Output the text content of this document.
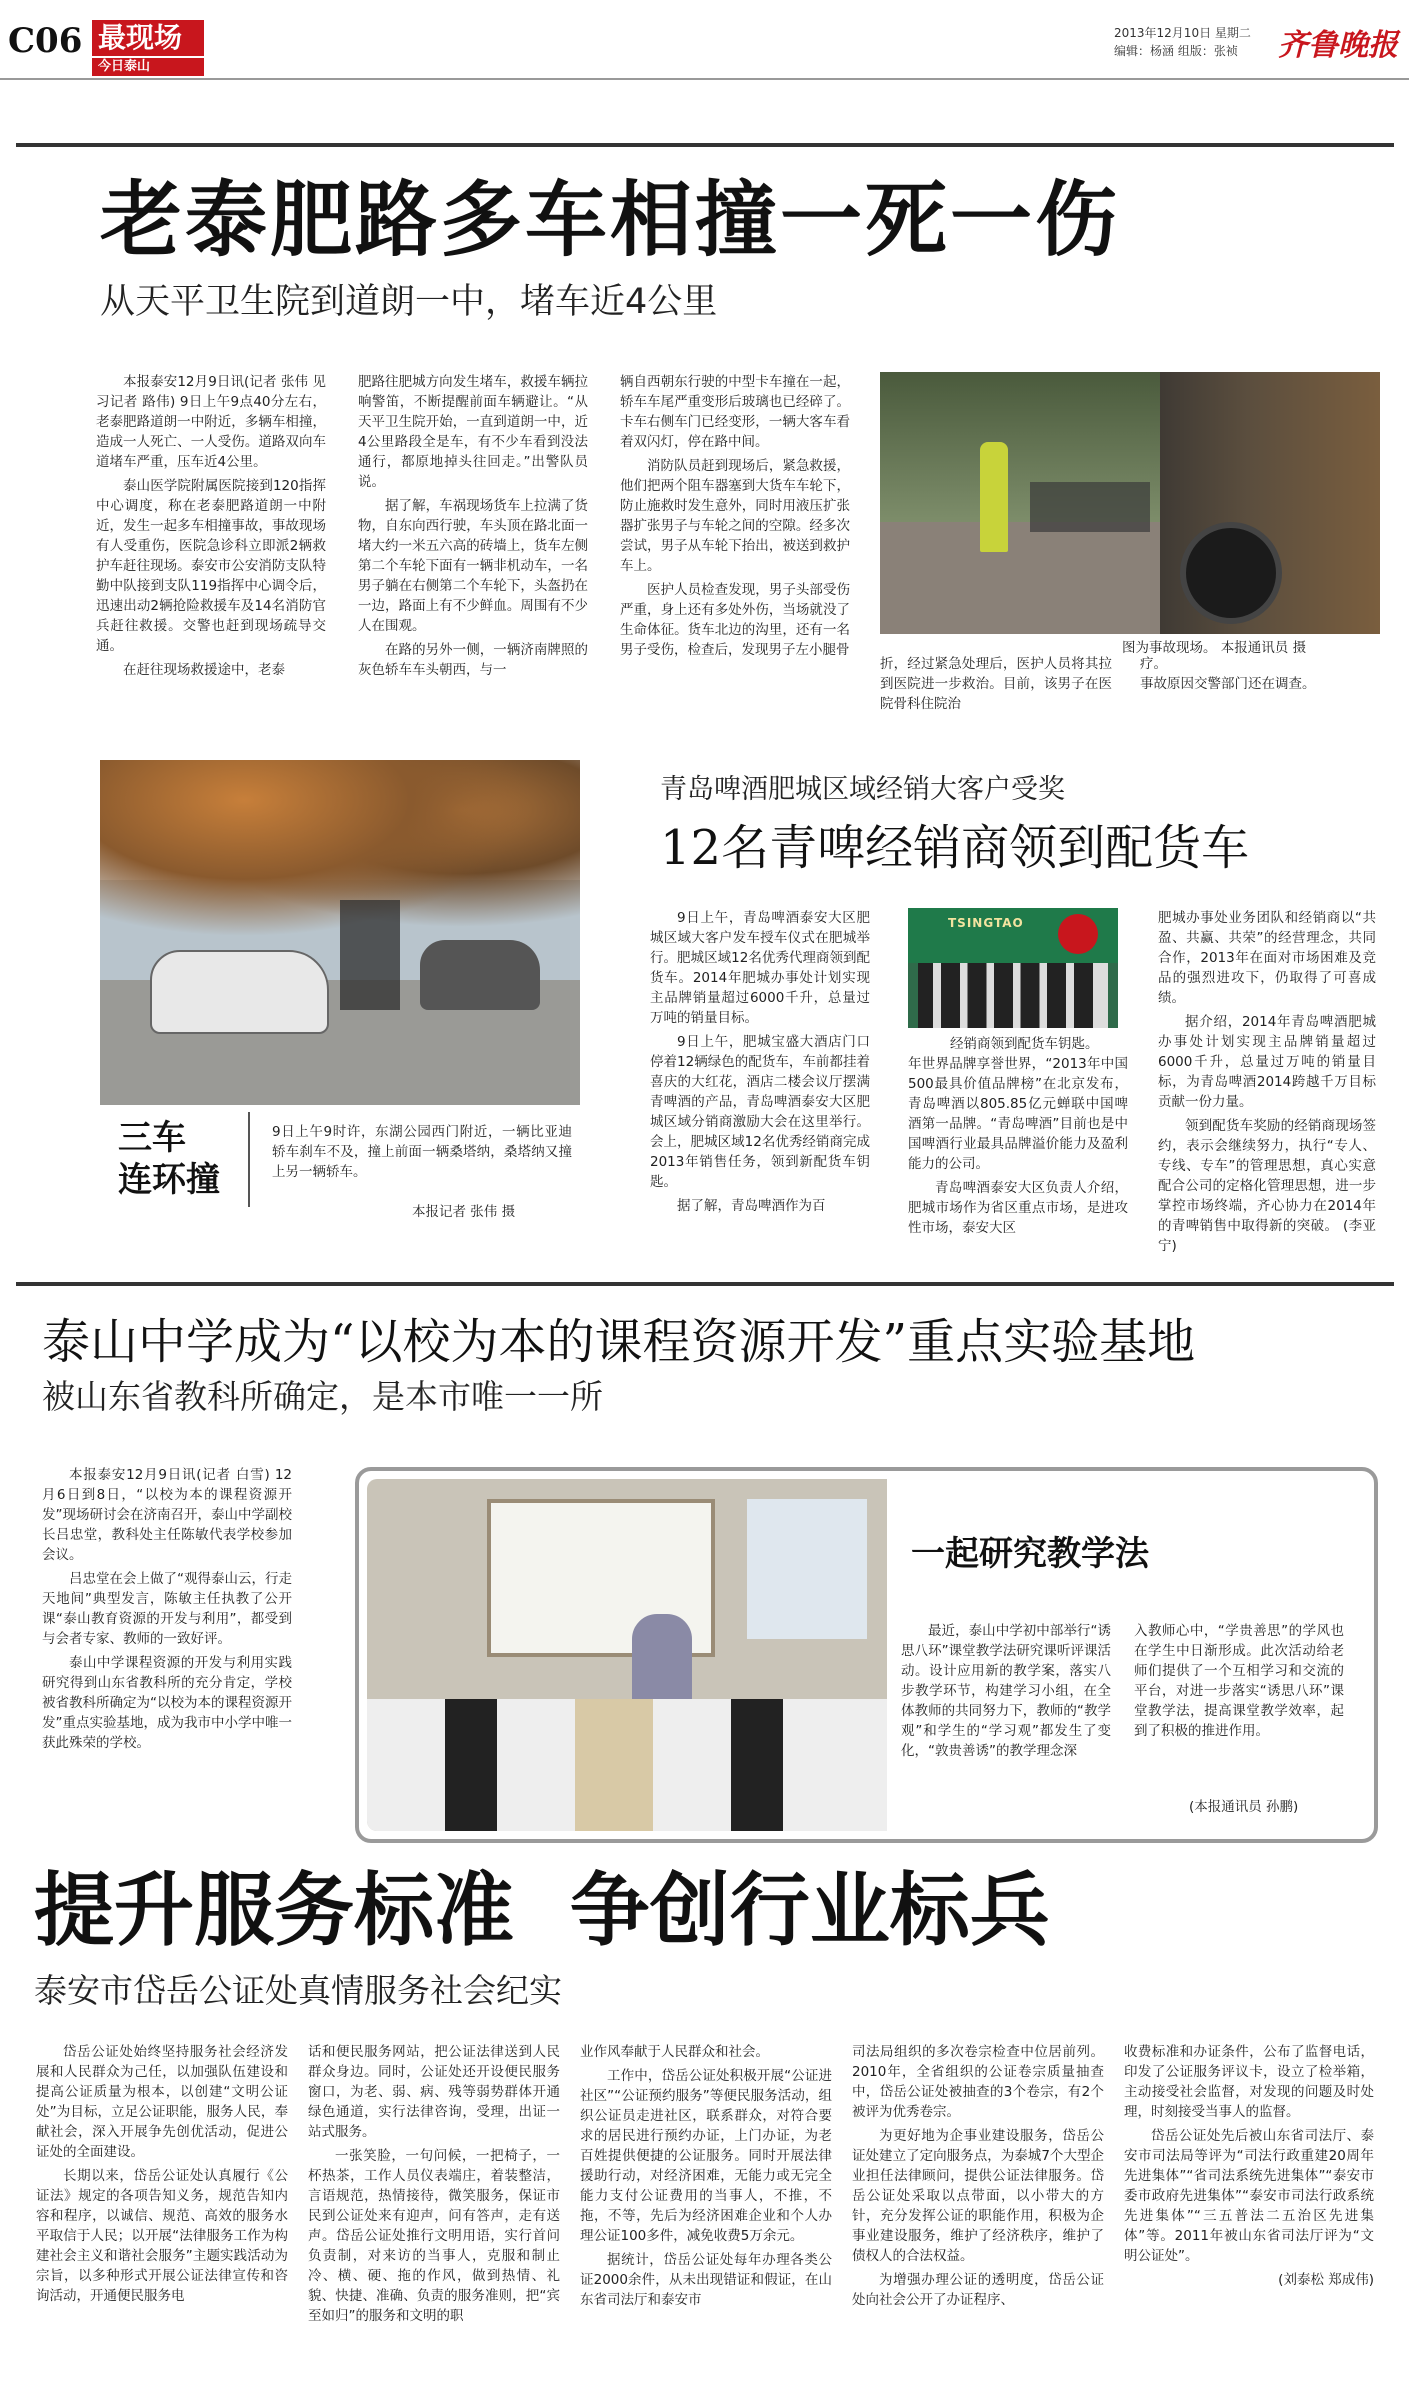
C06 最现场
今日泰山
2013年12月10日 星期二
编辑：杨涵 组版：张祯 齐鲁晚报
老泰肥路多车相撞一死一伤
从天平卫生院到道朗一中，堵车近4公里

本报泰安12月9日讯(记者 张伟 见习记者 路伟) 9日上午9点40分左右，老泰肥路道朗一中附近，多辆车相撞，造成一人死亡、一人受伤。道路双向车道堵车严重，压车近4公里。

泰山医学院附属医院接到120指挥中心调度，称在老泰肥路道朗一中附近，发生一起多车相撞事故，事故现场有人受重伤，医院急诊科立即派2辆救护车赶往现场。泰安市公安消防支队特勤中队接到支队119指挥中心调令后，迅速出动2辆抢险救援车及14名消防官兵赶往救援。交警也赶到现场疏导交通。

在赶往现场救援途中，老泰

肥路往肥城方向发生堵车，救援车辆拉响警笛，不断提醒前面车辆避让。“从天平卫生院开始，一直到道朗一中，近4公里路段全是车，有不少车看到没法通行，都原地掉头往回走。”出警队员说。

据了解，车祸现场货车上拉满了货物，自东向西行驶，车头顶在路北面一堵大约一米五六高的砖墙上，货车左侧第二个车轮下面有一辆非机动车，一名男子躺在右侧第二个车轮下，头盔扔在一边，路面上有不少鲜血。周围有不少人在围观。

在路的另外一侧，一辆济南牌照的灰色轿车车头朝西，与一

辆自西朝东行驶的中型卡车撞在一起，轿车车尾严重变形后玻璃也已经碎了。卡车右侧车门已经变形，一辆大客车看着双闪灯，停在路中间。

消防队员赶到现场后，紧急救援，他们把两个阻车器塞到大货车车轮下，防止施救时发生意外，同时用液压扩张器扩张男子与车轮之间的空隙。经多次尝试，男子从车轮下抬出，被送到救护车上。

医护人员检查发现，男子头部受伤严重，身上还有多处外伤，当场就没了生命体征。货车北边的沟里，还有一名男子受伤，检查后，发现男子左小腿骨	图为事故现场。 本报通讯员 摄
折，经过紧急处理后，医护人员将其拉到医院进一步救治。目前，该男子在医院骨科住院治
疗。
事故原因交警部门还在调查。
三车
连环撞
9日上午9时许，东湖公园西门附近，一辆比亚迪轿车刹车不及，撞上前面一辆桑塔纳，桑塔纳又撞上另一辆轿车。
本报记者 张伟 摄
青岛啤酒肥城区域经销大客户受奖
12名青啤经销商领到配货车

9日上午，青岛啤酒泰安大区肥城区域大客户发车授车仪式在肥城举行。肥城区域12名优秀代理商领到配货车。2014年肥城办事处计划实现主品牌销量超过6000千升，总量过万吨的销量目标。

9日上午，肥城宝盛大酒店门口停着12辆绿色的配货车，车前都挂着喜庆的大红花，酒店二楼会议厅摆满青啤酒的产品，青岛啤酒泰安大区肥城区域分销商激励大会在这里举行。会上，肥城区域12名优秀经销商完成2013年销售任务，领到新配货车钥匙。

据了解，青岛啤酒作为百

TSINGTAO
经销商领到配货车钥匙。

年世界品牌享誉世界，“2013年中国500最具价值品牌榜”在北京发布，青岛啤酒以805.85亿元蝉联中国啤酒第一品牌。“青岛啤酒”目前也是中国啤酒行业最具品牌溢价能力及盈利能力的公司。

青岛啤酒泰安大区负责人介绍，肥城市场作为省区重点市场，是进攻性市场，泰安大区

肥城办事处业务团队和经销商以“共盈、共赢、共荣”的经营理念，共同合作，2013年在面对市场困难及竞品的强烈进攻下，仍取得了可喜成绩。

据介绍，2014年青岛啤酒肥城办事处计划实现主品牌销量超过6000千升，总量过万吨的销量目标，为青岛啤酒2014跨越千万目标贡献一份力量。

领到配货车奖励的经销商现场签约，表示会继续努力，执行“专人、专线、专车”的管理思想，真心实意配合公司的定格化管理思想，进一步掌控市场终端，齐心协力在2014年的青啤销售中取得新的突破。 (李亚宁)

泰山中学成为“以校为本的课程资源开发”重点实验基地
被山东省教科所确定，是本市唯一一所

本报泰安12月9日讯(记者 白雪) 12月6日到8日，“以校为本的课程资源开发”现场研讨会在济南召开，泰山中学副校长吕忠堂，教科处主任陈敏代表学校参加会议。

吕忠堂在会上做了“观得泰山云，行走天地间”典型发言，陈敏主任执教了公开课“泰山教育资源的开发与利用”，都受到与会者专家、教师的一致好评。

泰山中学课程资源的开发与利用实践研究得到山东省教科所的充分肯定，学校被省教科所确定为“以校为本的课程资源开发”重点实验基地，成为我市中小学中唯一获此殊荣的学校。

一起研究教学法
最近，泰山中学初中部举行“诱思八环”课堂教学法研究课听评课活动。设计应用新的教学案，落实八步教学环节，构建学习小组，在全体教师的共同努力下，教师的“教学观”和学生的“学习观”都发生了变化，“敦贵善诱”的教学理念深
入教师心中，“学贵善思”的学风也在学生中日渐形成。此次活动给老师们提供了一个互相学习和交流的平台，对进一步落实“诱思八环”课堂教学法，提高课堂教学效率，起到了积极的推进作用。
(本报通讯员 孙鹏)
提升服务标准  争创行业标兵
泰安市岱岳公证处真情服务社会纪实

岱岳公证处始终坚持服务社会经济发展和人民群众为己任，以加强队伍建设和提高公证质量为根本，以创建“文明公证处”为目标，立足公证职能，服务人民，奉献社会，深入开展争先创优活动，促进公证处的全面建设。

长期以来，岱岳公证处认真履行《公证法》规定的各项告知义务，规范告知内容和程序，以诚信、规范、高效的服务水平取信于人民；以开展“法律服务工作为构建社会主义和谐社会服务”主题实践活动为宗旨，以多种形式开展公证法律宣传和咨询活动，开通便民服务电

话和便民服务网站，把公证法律送到人民群众身边。同时，公证处还开设便民服务窗口，为老、弱、病、残等弱势群体开通绿色通道，实行法律咨询，受理，出证一站式服务。

一张笑脸，一句问候，一把椅子，一杯热茶，工作人员仪表端庄，着装整洁，言语规范，热情接待，微笑服务，保证市民到公证处来有迎声，问有答声，走有送声。岱岳公证处推行文明用语，实行首问负责制，对来访的当事人，克服和制止冷、横、硬、拖的作风，做到热情、礼貌、快捷、准确、负责的服务准则，把“宾至如归”的服务和文明的职

业作风奉献于人民群众和社会。

工作中，岱岳公证处积极开展“公证进社区”“公证预约服务”等便民服务活动，组织公证员走进社区，联系群众，对符合要求的居民进行预约办证，上门办证，为老百姓提供便捷的公证服务。同时开展法律援助行动，对经济困难，无能力或无完全能力支付公证费用的当事人，不推，不拖，不等，先后为经济困难企业和个人办理公证100多件，减免收费5万余元。

据统计，岱岳公证处每年办理各类公证2000余件，从未出现错证和假证，在山东省司法厅和泰安市

司法局组织的多次卷宗检查中位居前列。2010年，全省组织的公证卷宗质量抽查中，岱岳公证处被抽查的3个卷宗，有2个被评为优秀卷宗。

为更好地为企事业建设服务，岱岳公证处建立了定向服务点，为泰城7个大型企业担任法律顾问，提供公证法律服务。岱岳公证处采取以点带面，以小带大的方针，充分发挥公证的职能作用，积极为企事业建设服务，维护了经济秩序，维护了债权人的合法权益。

为增强办理公证的透明度，岱岳公证处向社会公开了办证程序、

收费标准和办证条件，公布了监督电话，印发了公证服务评议卡，设立了检举箱，主动接受社会监督，对发现的问题及时处理，时刻接受当事人的监督。

岱岳公证处先后被山东省司法厅、泰安市司法局等评为“司法行政重建20周年先进集体”“省司法系统先进集体”“泰安市委市政府先进集体”“泰安市司法行政系统先进集体”“三五普法二五治区先进集体”等。2011年被山东省司法厅评为“文明公证处”。

(刘泰松 郑成伟)
